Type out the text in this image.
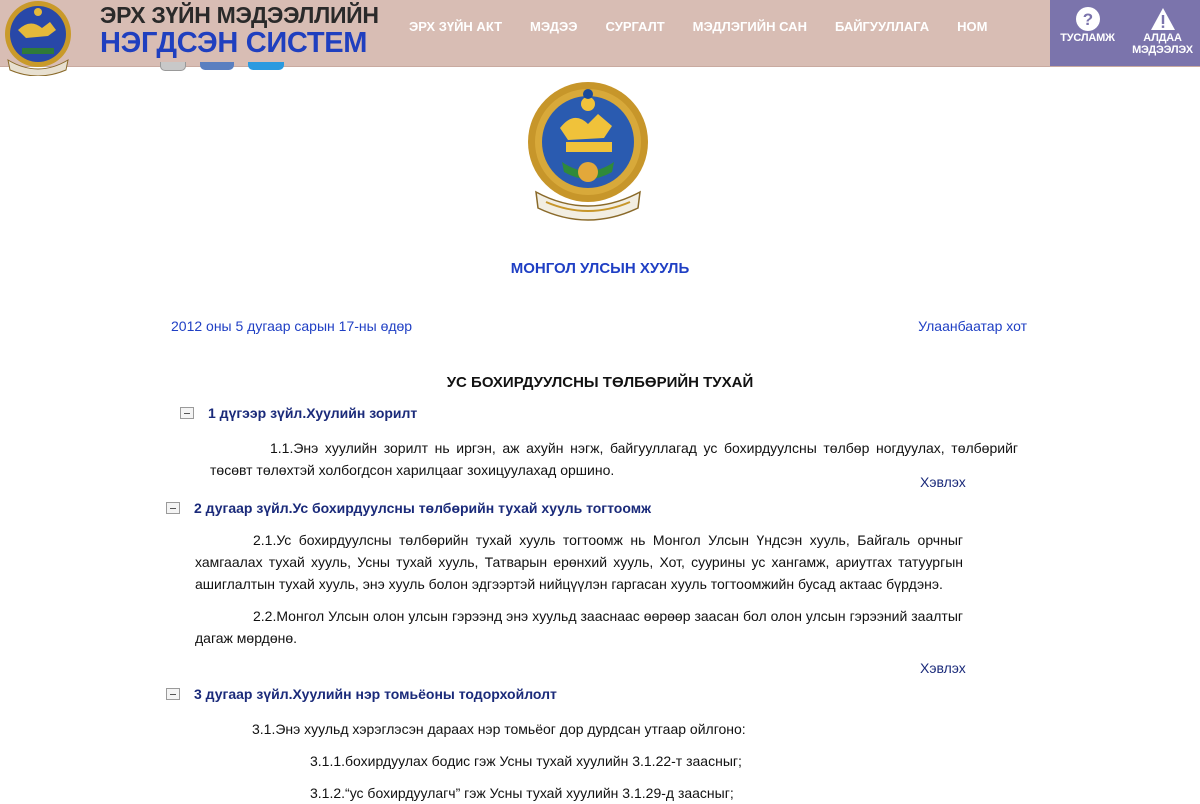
ЭРХ ЗҮЙН МЭДЭЭЛЛИЙН
НЭГДСЭН СИСТЕМ
ЭРХ ЗҮЙН АКТ	МЭДЭЭ	СУРГАЛТ	МЭДЛЭГИЙН САН	БАЙГУУЛЛАГА	НОМ	?
ТУСЛАМЖ	АЛДАА
МЭДЭЭЛЭХ
МОНГОЛ УЛСЫН ХУУЛЬ
2012 оны 5 дугаар сарын 17-ны өдөр	Улаанбаатар хот
УС БОХИРДУУЛСНЫ ТӨЛБӨРИЙН ТУХАЙ
1 дүгээр зүйл.Хуулийн зорилт
1.1.Энэ хуулийн зорилт нь иргэн, аж ахуйн нэгж, байгууллагад ус бохирдуулсны төлбөр ногдуулах, төлбөрийг төсөвт төлөхтэй холбогдсон харилцааг зохицуулахад оршино.
Хэвлэх
2 дугаар зүйл.Ус бохирдуулсны төлбөрийн тухай хууль тогтоомж
2.1.Ус бохирдуулсны төлбөрийн тухай хууль тогтоомж нь Монгол Улсын Үндсэн хууль, Байгаль орчныг хамгаалах тухай хууль, Усны тухай хууль, Татварын ерөнхий хууль, Хот, суурины ус хангамж, ариутгах татуургын ашиглалтын тухай хууль, энэ хууль болон эдгээртэй нийцүүлэн гаргасан хууль тогтоомжийн бусад актаас бүрдэнэ.
2.2.Монгол Улсын олон улсын гэрээнд энэ хуульд зааснаас өөрөөр заасан бол олон улсын гэрээний заалтыг дагаж мөрдөнө.
Хэвлэх
3 дугаар зүйл.Хуулийн нэр томьёоны тодорхойлолт
3.1.Энэ хуульд хэрэглэсэн дараах нэр томьёог дор дурдсан утгаар ойлгоно:
3.1.1.бохирдуулах бодис гэж Усны тухай хуулийн 3.1.22-т заасныг;
3.1.2.“ус бохирдуулагч” гэж Усны тухай хуулийн 3.1.29-д заасныг;
